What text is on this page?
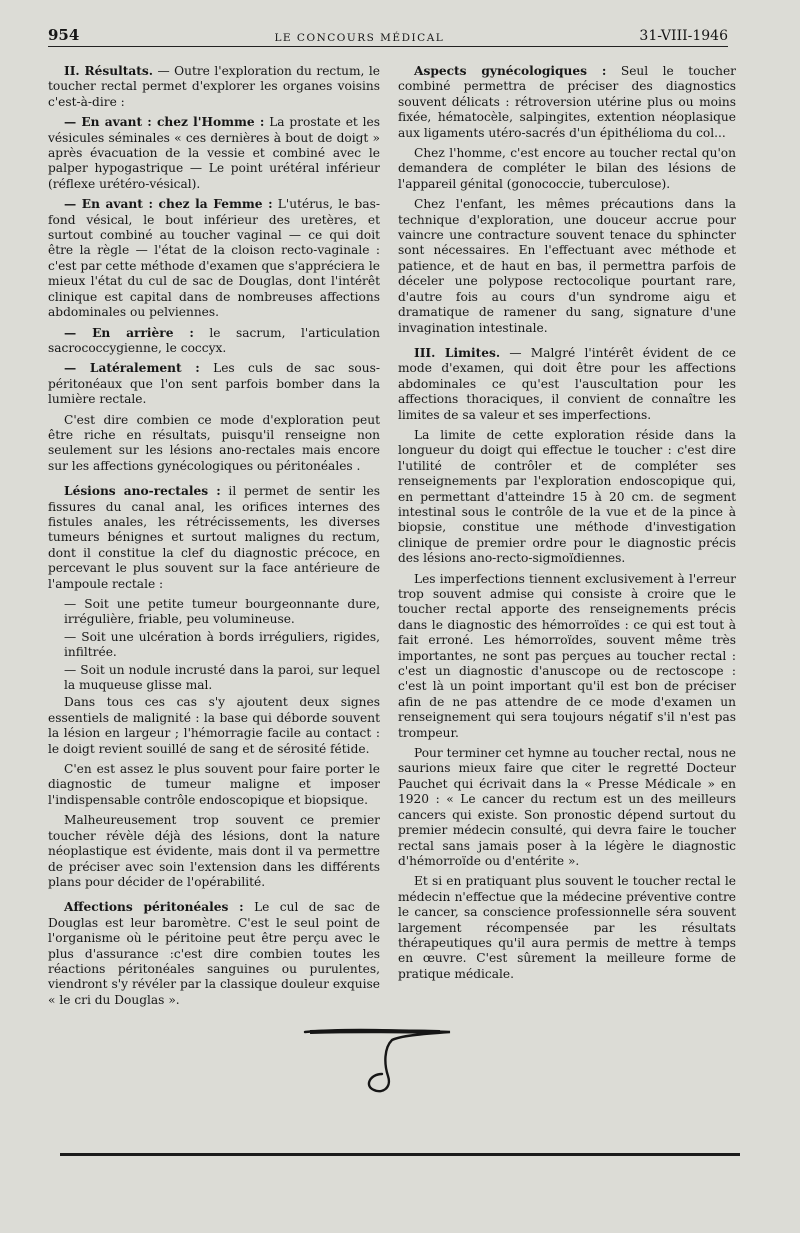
954	LE CONCOURS MÉDICAL	31-VIII-1946

II. Résultats. — Outre l'exploration du rectum, le toucher rectal permet d'explorer les organes voisins c'est-à-dire :

— En avant : chez l'Homme : La prostate et les vésicules séminales « ces dernières à bout de doigt » après évacuation de la vessie et combiné avec le palper hypogastrique — Le point urétéral inférieur (réflexe urétéro-vésical).

— En avant : chez la Femme : L'utérus, le bas-fond vésical, le bout inférieur des uretères, et surtout combiné au toucher vaginal — ce qui doit être la règle — l'état de la cloison recto-vaginale : c'est par cette méthode d'examen que s'appréciera le mieux l'état du cul de sac de Douglas, dont l'intérêt clinique est capital dans de nombreuses affections abdominales ou pelviennes.

— En arrière : le sacrum, l'articulation sacrococcygienne, le coccyx.

— Latéralement : Les culs de sac sous-péritonéaux que l'on sent parfois bomber dans la lumière rectale.

C'est dire combien ce mode d'exploration peut être riche en résultats, puisqu'il renseigne non seulement sur les lésions ano-rectales mais encore sur les affections gynécologiques ou péritonéales .

Lésions ano-rectales : il permet de sentir les fissures du canal anal, les orifices internes des fistules anales, les rétrécissements, les diverses tumeurs bénignes et surtout malignes du rectum, dont il constitue la clef du diagnostic précoce, en percevant le plus souvent sur la face antérieure de l'ampoule rectale :

— Soit une petite tumeur bourgeonnante dure, irrégulière, friable, peu volumineuse.

— Soit une ulcération à bords irréguliers, rigides, infiltrée.

— Soit un nodule incrusté dans la paroi, sur lequel la muqueuse glisse mal.

Dans tous ces cas s'y ajoutent deux signes essentiels de malignité : la base qui déborde souvent la lésion en largeur ; l'hémorragie facile au contact : le doigt revient souillé de sang et de sérosité fétide.

C'en est assez le plus souvent pour faire porter le diagnostic de tumeur maligne et imposer l'indispensable contrôle endoscopique et biopsique.

Malheureusement trop souvent ce premier toucher révèle déjà des lésions, dont la nature néoplastique est évidente, mais dont il va permettre de préciser avec soin l'extension dans les différents plans pour décider de l'opérabilité.

Affections péritonéales : Le cul de sac de Douglas est leur baromètre. C'est le seul point de l'organisme où le péritoine peut être perçu avec le plus d'assurance :c'est dire combien toutes les réactions péritonéales sanguines ou purulentes, viendront s'y révéler par la classique douleur exquise « le cri du Douglas ».

Aspects gynécologiques : Seul le toucher combiné permettra de préciser des diagnostics souvent délicats : rétroversion utérine plus ou moins fixée, hématocèle, salpingites, extention néoplasique aux ligaments utéro-sacrés d'un épithélioma du col...

Chez l'homme, c'est encore au toucher rectal qu'on demandera de compléter le bilan des lésions de l'appareil génital (gonococcie, tuberculose).

Chez l'enfant, les mêmes précautions dans la technique d'exploration, une douceur accrue pour vaincre une contracture souvent tenace du sphincter sont nécessaires. En l'effectuant avec méthode et patience, et de haut en bas, il permettra parfois de déceler une polypose rectocolique pourtant rare, d'autre fois au cours d'un syndrome aigu et dramatique de ramener du sang, signature d'une invagination intestinale.

III. Limites. — Malgré l'intérêt évident de ce mode d'examen, qui doit être pour les affections abdominales ce qu'est l'auscultation pour les affections thoraciques, il convient de connaître les limites de sa valeur et ses imperfections.

La limite de cette exploration réside dans la longueur du doigt qui effectue le toucher : c'est dire l'utilité de contrôler et de compléter ses renseignements par l'exploration endoscopique qui, en permettant d'atteindre 15 à 20 cm. de segment intestinal sous le contrôle de la vue et de la pince à biopsie, constitue une méthode d'investigation clinique de premier ordre pour le diagnostic précis des lésions ano-recto-sigmoïdiennes.

Les imperfections tiennent exclusivement à l'erreur trop souvent admise qui consiste à croire que le toucher rectal apporte des renseignements précis dans le diagnostic des hémorroïdes : ce qui est tout à fait erroné. Les hémorroïdes, souvent même très importantes, ne sont pas perçues au toucher rectal : c'est un diagnostic d'anuscope ou de rectoscope : c'est là un point important qu'il est bon de préciser afin de ne pas attendre de ce mode d'examen un renseignement qui sera toujours négatif s'il n'est pas trompeur.

Pour terminer cet hymne au toucher rectal, nous ne saurions mieux faire que citer le regretté Docteur Pauchet qui écrivait dans la « Presse Médicale » en 1920 : « Le cancer du rectum est un des meilleurs cancers qui existe. Son pronostic dépend surtout du premier médecin consulté, qui devra faire le toucher rectal sans jamais poser à la légère le diagnostic d'hémorroïde ou d'entérite ».

Et si en pratiquant plus souvent le toucher rectal le médecin n'effectue que la médecine préventive contre le cancer, sa conscience professionnelle séra souvent largement récompensée par les résultats thérapeutiques qu'il aura permis de mettre à temps en œuvre. C'est sûrement la meilleure forme de pratique médicale.
